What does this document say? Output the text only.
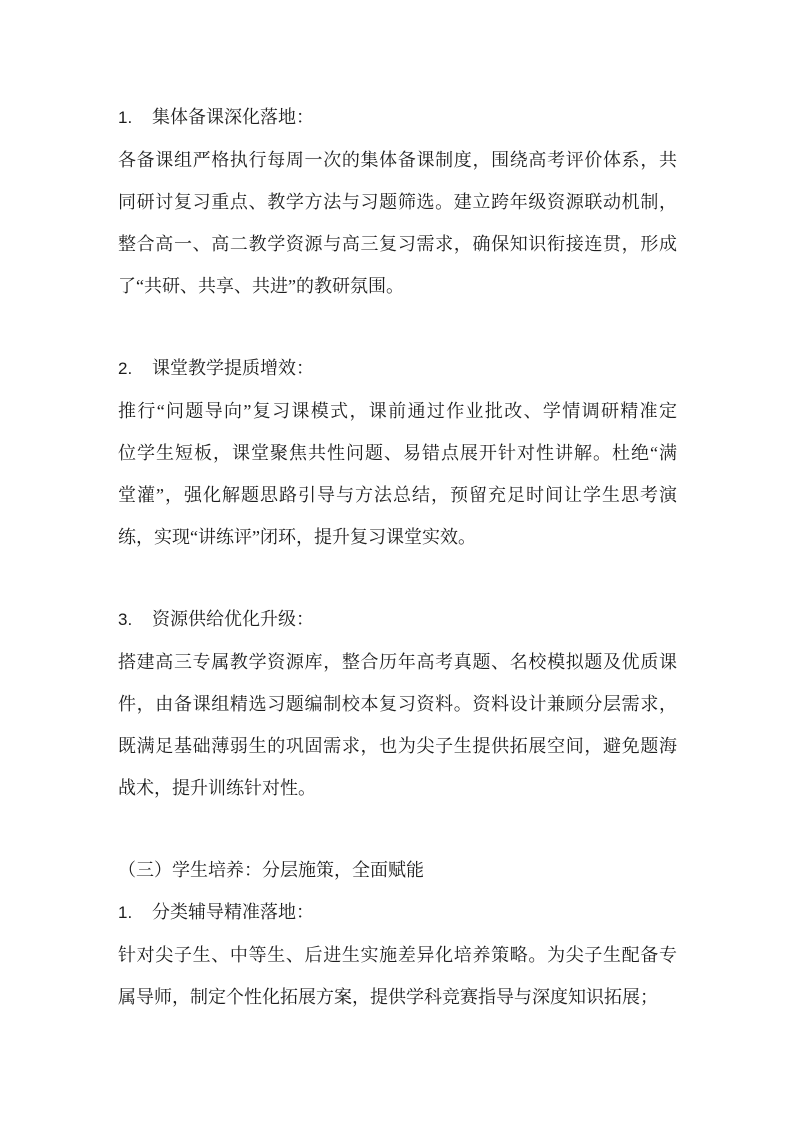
1.	集体备课深化落地：
各备课组严格执行每周一次的集体备课制度，围绕高考评价体系，共
同研讨复习重点、教学方法与习题筛选。建立跨年级资源联动机制，
整合高一、高二教学资源与高三复习需求，确保知识衔接连贯，形成
了“共研、共享、共进”的教研氛围。
2.	课堂教学提质增效：
推行“问题导向”复习课模式，课前通过作业批改、学情调研精准定
位学生短板，课堂聚焦共性问题、易错点展开针对性讲解。杜绝“满
堂灌”，强化解题思路引导与方法总结，预留充足时间让学生思考演
练，实现“讲练评”闭环，提升复习课堂实效。
3.	资源供给优化升级：
搭建高三专属教学资源库，整合历年高考真题、名校模拟题及优质课
件，由备课组精选习题编制校本复习资料。资料设计兼顾分层需求，
既满足基础薄弱生的巩固需求，也为尖子生提供拓展空间，避免题海
战术，提升训练针对性。
（三）学生培养：分层施策，全面赋能
1.	分类辅导精准落地：
针对尖子生、中等生、后进生实施差异化培养策略。为尖子生配备专
属导师，制定个性化拓展方案，提供学科竞赛指导与深度知识拓展；
